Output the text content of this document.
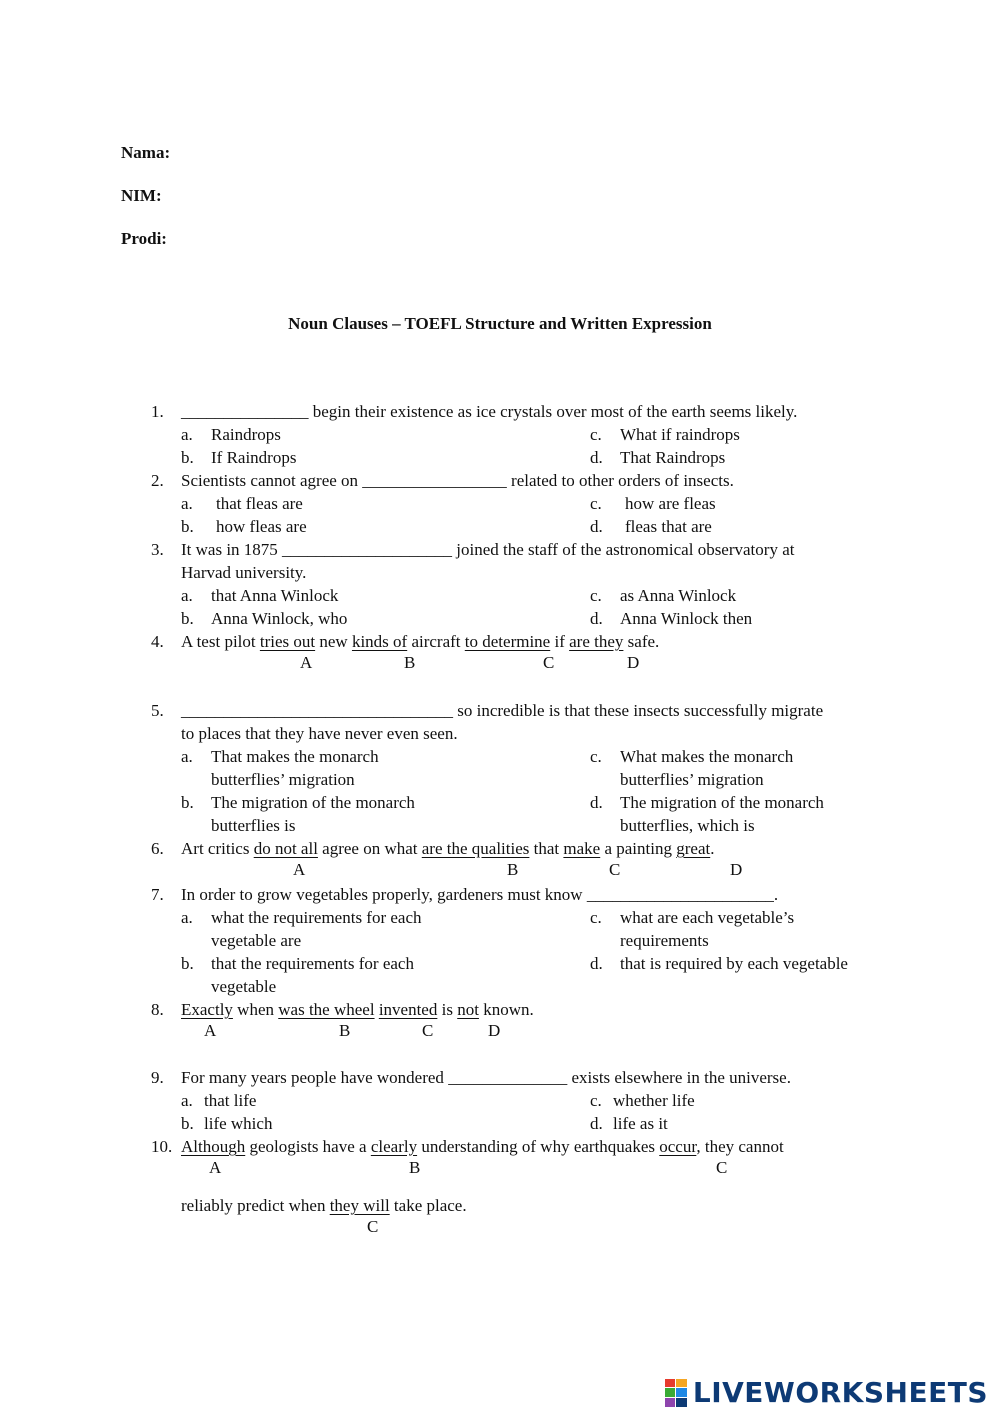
Nama:
NIM:
Prodi:
Noun Clauses – TOEFL Structure and Written Expression
1. _______________ begin their existence as ice crystals over most of the earth seems likely.
a. Raindrops
b. If Raindrops
c. What if raindrops
d. That Raindrops
2. Scientists cannot agree on _________________ related to other orders of insects.
a. that fleas are
b. how fleas are
c. how are fleas
d. fleas that are
3. It was in 1875 ____________________ joined the staff of the astronomical observatory at
Harvad university.
a. that Anna Winlock
b. Anna Winlock, who
c. as Anna Winlock
d. Anna Winlock then
4. A test pilot tries out new kinds of aircraft to determine if are they safe.
A	B	C	D
5. ________________________________ so incredible is that these insects successfully migrate
to places that they have never even seen.
a. That makes the monarch
butterflies’ migration
b. The migration of the monarch
butterflies is
c. What makes the monarch
butterflies’ migration
d. The migration of the monarch
butterflies, which is
6. Art critics do not all agree on what are the qualities that make a painting great.
A	B	C	D
7. In order to grow vegetables properly, gardeners must know ______________________.
a. what the requirements for each
vegetable are
b. that the requirements for each
vegetable
c. what are each vegetable’s
requirements
d. that is required by each vegetable
8. Exactly when was the wheel invented is not known.
A	B	C	D
9. For many years people have wondered ______________ exists elsewhere in the universe.
a. that life
b. life which
c. whether life
d. life as it
10. Although geologists have a clearly understanding of why earthquakes occur, they cannot
A	B	C
reliably predict when they will take place.
C
LIVEWORKSHEETS
